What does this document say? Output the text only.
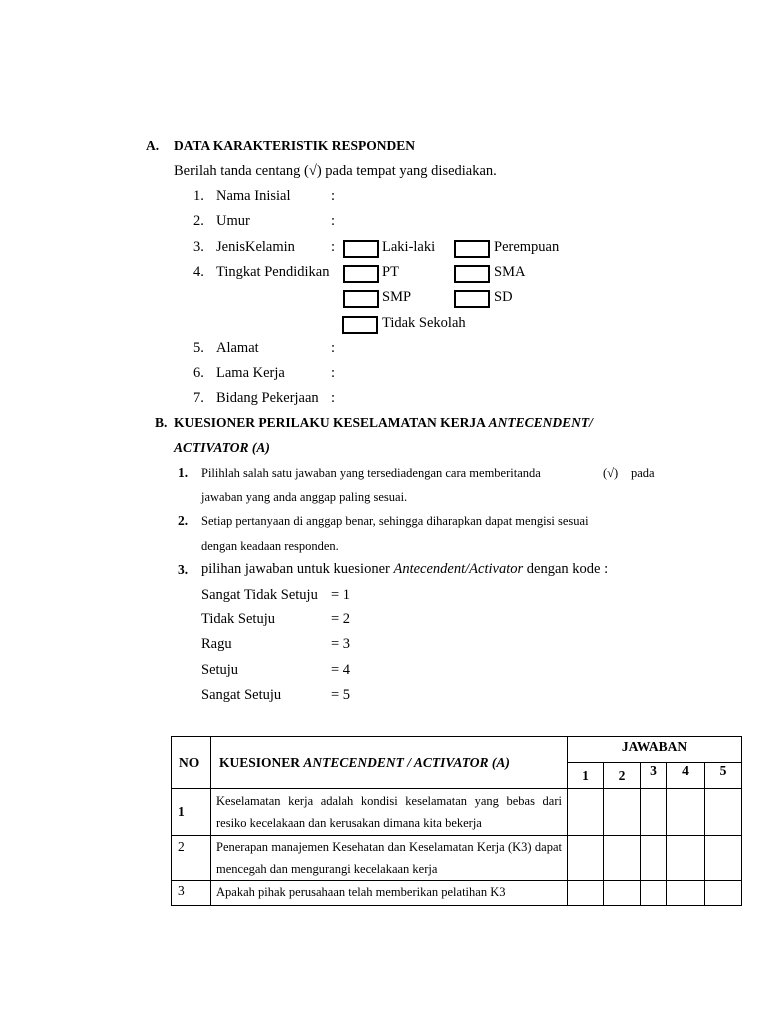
A. DATA KARAKTERISTIK RESPONDEN
Berilah tanda centang (√) pada tempat yang disediakan.
1. Nama Inisial	:
2. Umur	:
3. JenisKelamin :	Laki-laki	Perempuan
4. Tingkat Pendidikan	PT	SMA
SMP	SD
Tidak Sekolah
5. Alamat	:
6. Lama Kerja	:
7. Bidang Pekerjaan :
B. KUESIONER PERILAKU KESELAMATAN KERJA ANTECENDENT/
ACTIVATOR (A)
1. Pilihlah salah satu jawaban yang tersediadengan cara memberitanda	(√) pada
jawaban yang anda anggap paling sesuai.
2. Setiap pertanyaan di anggap benar, sehingga diharapkan dapat mengisi sesuai
dengan keadaan responden.
3. pilihan jawaban untuk kuesioner Antecendent/Activator dengan kode :
Sangat Tidak Setuju = 1
Tidak Setuju	= 2
Ragu	= 3
Setuju	= 4
Sangat Setuju	= 5
NO	KUESIONER ANTECENDENT / ACTIVATOR (A)	JAWABAN				
		1	2	3	4	5
1	Keselamatan kerja adalah kondisi keselamatan yang bebas dari resiko kecelakaan dan kerusakan dimana kita bekerja					
2	Penerapan manajemen Kesehatan dan Keselamatan Kerja (K3) dapat mencegah dan mengurangi kecelakaan kerja					
3	Apakah pihak perusahaan telah memberikan pelatihan K3					
